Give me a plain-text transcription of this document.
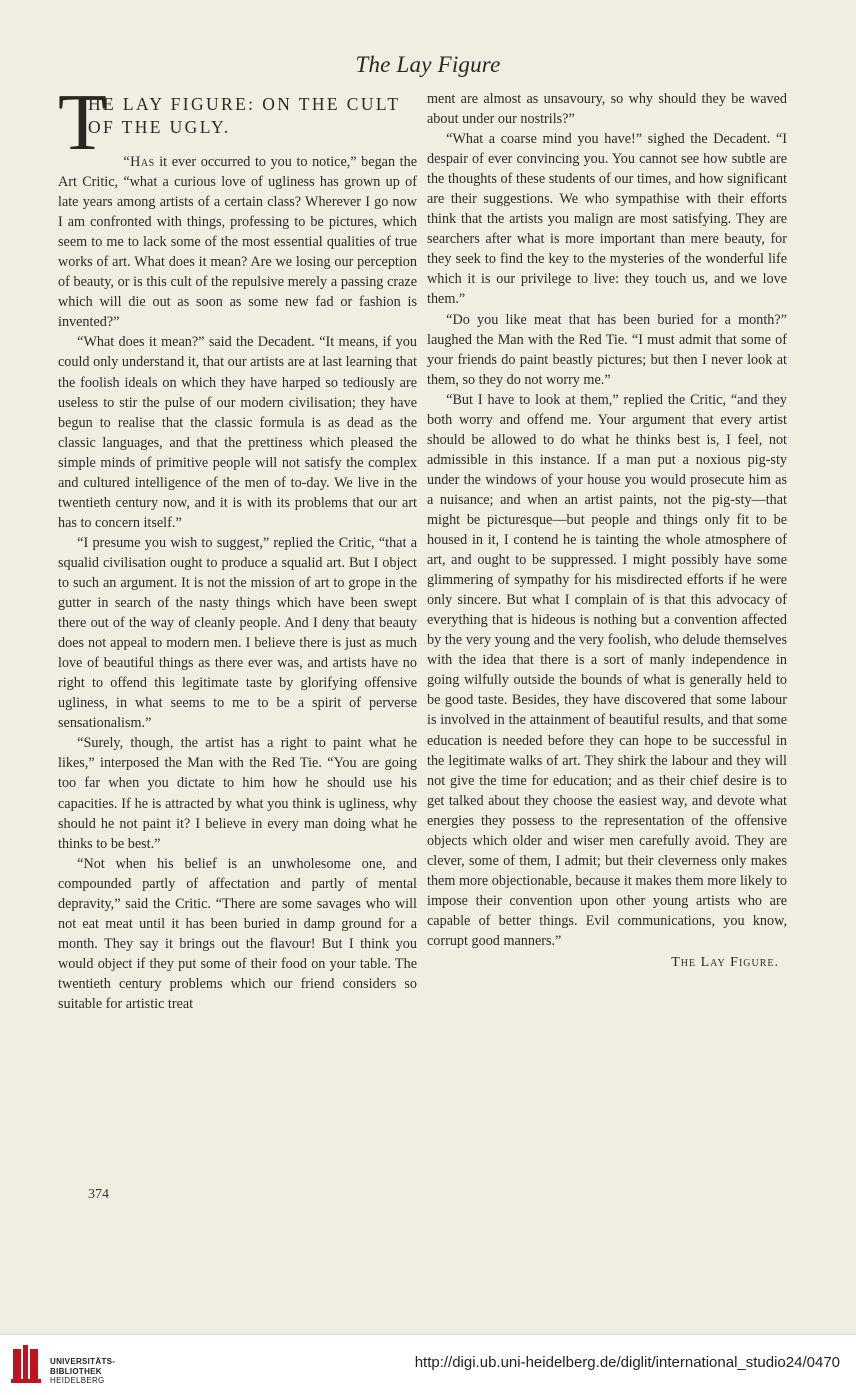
The Lay Figure
T
HE LAY FIGURE: ON THE CULT OF THE UGLY.

“Has it ever occurred to you to notice,” began the Art Critic, “what a curious love of ugliness has grown up of late years among artists of a certain class? Wherever I go now I am confronted with things, professing to be pictures, which seem to me to lack some of the most essential qualities of true works of art. What does it mean? Are we losing our perception of beauty, or is this cult of the repulsive merely a passing craze which will die out as soon as some new fad or fashion is invented?”

“What does it mean?” said the Decadent. “It means, if you could only understand it, that our artists are at last learning that the foolish ideals on which they have harped so tediously are useless to stir the pulse of our modern civilisation; they have begun to realise that the classic formula is as dead as the classic languages, and that the prettiness which pleased the simple minds of primitive people will not satisfy the complex and cultured intelligence of the men of to-day. We live in the twentieth century now, and it is with its problems that our art has to concern itself.”

“I presume you wish to suggest,” replied the Critic, “that a squalid civilisation ought to produce a squalid art. But I object to such an argument. It is not the mission of art to grope in the gutter in search of the nasty things which have been swept there out of the way of cleanly people. And I deny that beauty does not appeal to modern men. I believe there is just as much love of beautiful things as there ever was, and artists have no right to offend this legitimate taste by glorifying offensive ugliness, in what seems to me to be a spirit of perverse sensationalism.”

“Surely, though, the artist has a right to paint what he likes,” interposed the Man with the Red Tie. “You are going too far when you dictate to him how he should use his capacities. If he is attracted by what you think is ugliness, why should he not paint it? I believe in every man doing what he thinks to be best.”

“Not when his belief is an unwholesome one, and compounded partly of affectation and partly of mental depravity,” said the Critic. “There are some savages who will not eat meat until it has been buried in damp ground for a month. They say it brings out the flavour! But I think you would object if they put some of their food on your table. The twentieth century problems which our friend considers so suitable for artistic treat

ment are almost as unsavoury, so why should they be waved about under our nostrils?”

“What a coarse mind you have!” sighed the Decadent. “I despair of ever convincing you. You cannot see how subtle are the thoughts of these students of our times, and how significant are their suggestions. We who sympathise with their efforts think that the artists you malign are most satisfying. They are searchers after what is more important than mere beauty, for they seek to find the key to the mysteries of the wonderful life which it is our privilege to live: they touch us, and we love them.”

“Do you like meat that has been buried for a month?” laughed the Man with the Red Tie. “I must admit that some of your friends do paint beastly pictures; but then I never look at them, so they do not worry me.”

“But I have to look at them,” replied the Critic, “and they both worry and offend me. Your argument that every artist should be allowed to do what he thinks best is, I feel, not admissible in this instance. If a man put a noxious pig-sty under the windows of your house you would prosecute him as a nuisance; and when an artist paints, not the pig-sty—that might be picturesque—but people and things only fit to be housed in it, I contend he is tainting the whole atmosphere of art, and ought to be suppressed. I might possibly have some glimmering of sympathy for his misdirected efforts if he were only sincere. But what I complain of is that this advocacy of everything that is hideous is nothing but a convention affected by the very young and the very foolish, who delude themselves with the idea that there is a sort of manly independence in going wilfully outside the bounds of what is generally held to be good taste. Besides, they have discovered that some labour is involved in the attainment of beautiful results, and that some education is needed before they can hope to be successful in the legitimate walks of art. They shirk the labour and they will not give the time for education; and as their chief desire is to get talked about they choose the easiest way, and devote what energies they possess to the representation of the offensive objects which older and wiser men carefully avoid. They are clever, some of them, I admit; but their cleverness only makes them more objectionable, because it makes them more likely to impose their convention upon other young artists who are capable of better things. Evil communications, you know, corrupt good manners.”

The Lay Figure.
374
UNIVERSITÄTS-
BIBLIOTHEK
HEIDELBERG
http://digi.ub.uni-heidelberg.de/diglit/international_studio24/0470
